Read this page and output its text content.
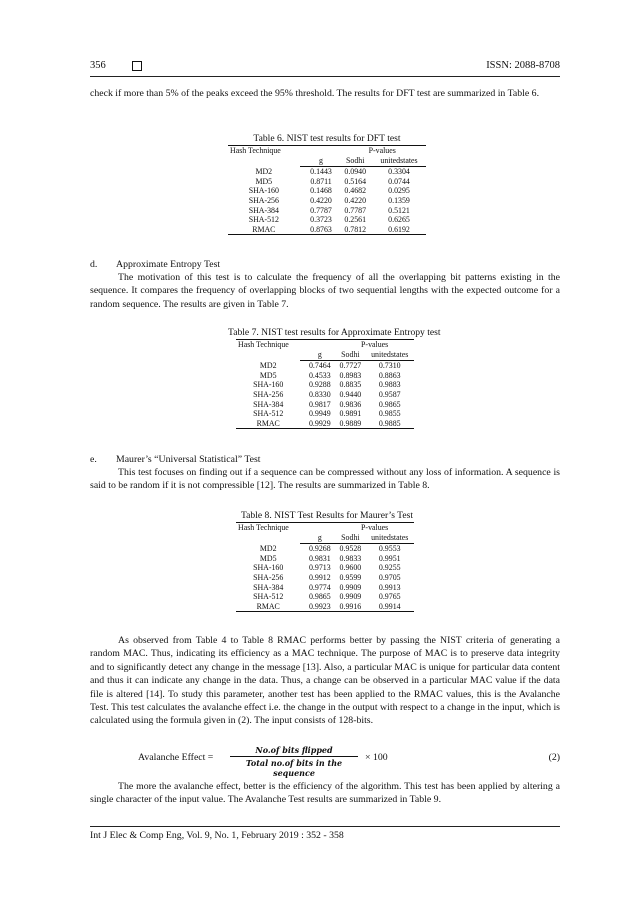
356	ISSN: 2088-8708

check if more than 5% of the peaks exceed the 95% threshold. The results for DFT test are summarized in Table 6.

Table 6. NIST test results for DFT test

Hash Technique		P-values	
	g	Sodhi	unitedstates
MD2	0.1443	0.0940	0.3304
MD5	0.8711	0.5164	0.0744
SHA-160	0.1468	0.4682	0.0295
SHA-256	0.4220	0.4220	0.1359
SHA-384	0.7787	0.7787	0.5121
SHA-512	0.3723	0.2561	0.6265
RMAC	0.8763	0.7812	0.6192

d. Approximate Entropy Test

The motivation of this test is to calculate the frequency of all the overlapping bit patterns existing in the sequence. It compares the frequency of overlapping blocks of two sequential lengths with the expected outcome for a random sequence. The results are given in Table 7.

Table 7. NIST test results for Approximate Entropy test

Hash Technique		P-values	
	g	Sodhi	unitedstates
MD2	0.7464	0.7727	0.7310
MD5	0.4533	0.8983	0.8863
SHA-160	0.9288	0.8835	0.9883
SHA-256	0.8330	0.9440	0.9587
SHA-384	0.9817	0.9836	0.9865
SHA-512	0.9949	0.9891	0.9855
RMAC	0.9929	0.9889	0.9885

e. Maurer’s “Universal Statistical” Test

This test focuses on finding out if a sequence can be compressed without any loss of information. A sequence is said to be random if it is not compressible [12]. The results are summarized in Table 8.

Table 8. NIST Test Results for Maurer’s Test

Hash Technique		P-values	
	g	Sodhi	unitedstates
MD2	0.9268	0.9528	0.9553
MD5	0.9831	0.9833	0.9951
SHA-160	0.9713	0.9600	0.9255
SHA-256	0.9912	0.9599	0.9705
SHA-384	0.9774	0.9909	0.9913
SHA-512	0.9865	0.9909	0.9765
RMAC	0.9923	0.9916	0.9914

As observed from Table 4 to Table 8 RMAC performs better by passing the NIST criteria of generating a random MAC. Thus, indicating its efficiency as a MAC technique. The purpose of MAC is to preserve data integrity and to significantly detect any change in the message [13]. Also, a particular MAC is unique for particular data content and thus it can indicate any change in the data. Thus, a change can be observed in a particular MAC value if the data file is altered [14]. To study this parameter, another test has been applied to the RMAC values, this is the Avalanche Test. This test calculates the avalanche effect i.e. the change in the output with respect to a change in the input, which is calculated using the formula given in (2). The input consists of 128-bits.

Avalanche Effect =
No.of bits flipped
Total no.of bits in the sequence
× 100	(2)

The more the avalanche effect, better is the efficiency of the algorithm. This test has been applied by altering a single character of the input value. The Avalanche Test results are summarized in Table 9.

Int J Elec & Comp Eng, Vol. 9, No. 1, February 2019 : 352 - 358
